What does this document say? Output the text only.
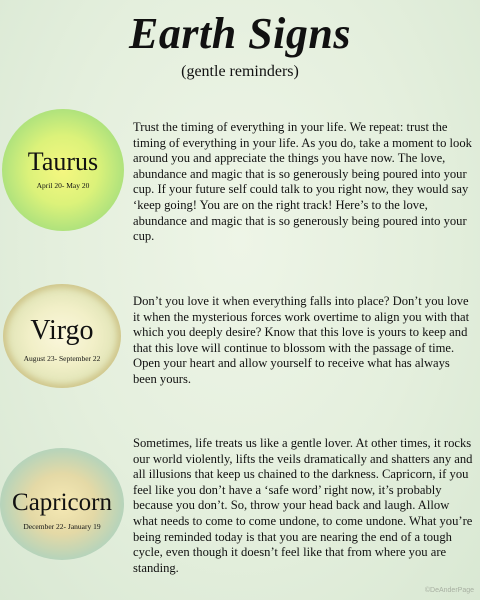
Earth Signs
(gentle reminders)
Taurus
April 20- May 20

Trust the timing of everything in your life. We repeat: trust the timing of everything in your life. As you do, take a moment to look around you and appreciate the things you have now. The love, abundance and magic that is so generously being poured into your cup. If your future self could talk to you right now, they would say ‘keep going! You are on the right track! Here’s to the love, abundance and magic that is so generously being poured into your cup.

Virgo
August 23- September 22

Don’t you love it when everything falls into place? Don’t you love it when the mysterious forces work overtime to align you with that which you deeply desire? Know that this love is yours to keep and that this love will continue to blossom with the passage of time. Open your heart and allow yourself to receive what has always been yours.

Capricorn
December 22- January 19

Sometimes, life treats us like a gentle lover. At other times, it rocks our world violently, lifts the veils dramatically and shatters any and all illusions that keep us chained to the darkness. Capricorn, if you feel like you don’t have a ‘safe word’ right now, it’s probably because you don’t. So, throw your head back and laugh. Allow what needs to come to come undone, to come undone. What you’re being reminded today is that you are nearing the end of a tough cycle, even though it doesn’t feel like that from where you are standing.

©DeAnderPage
